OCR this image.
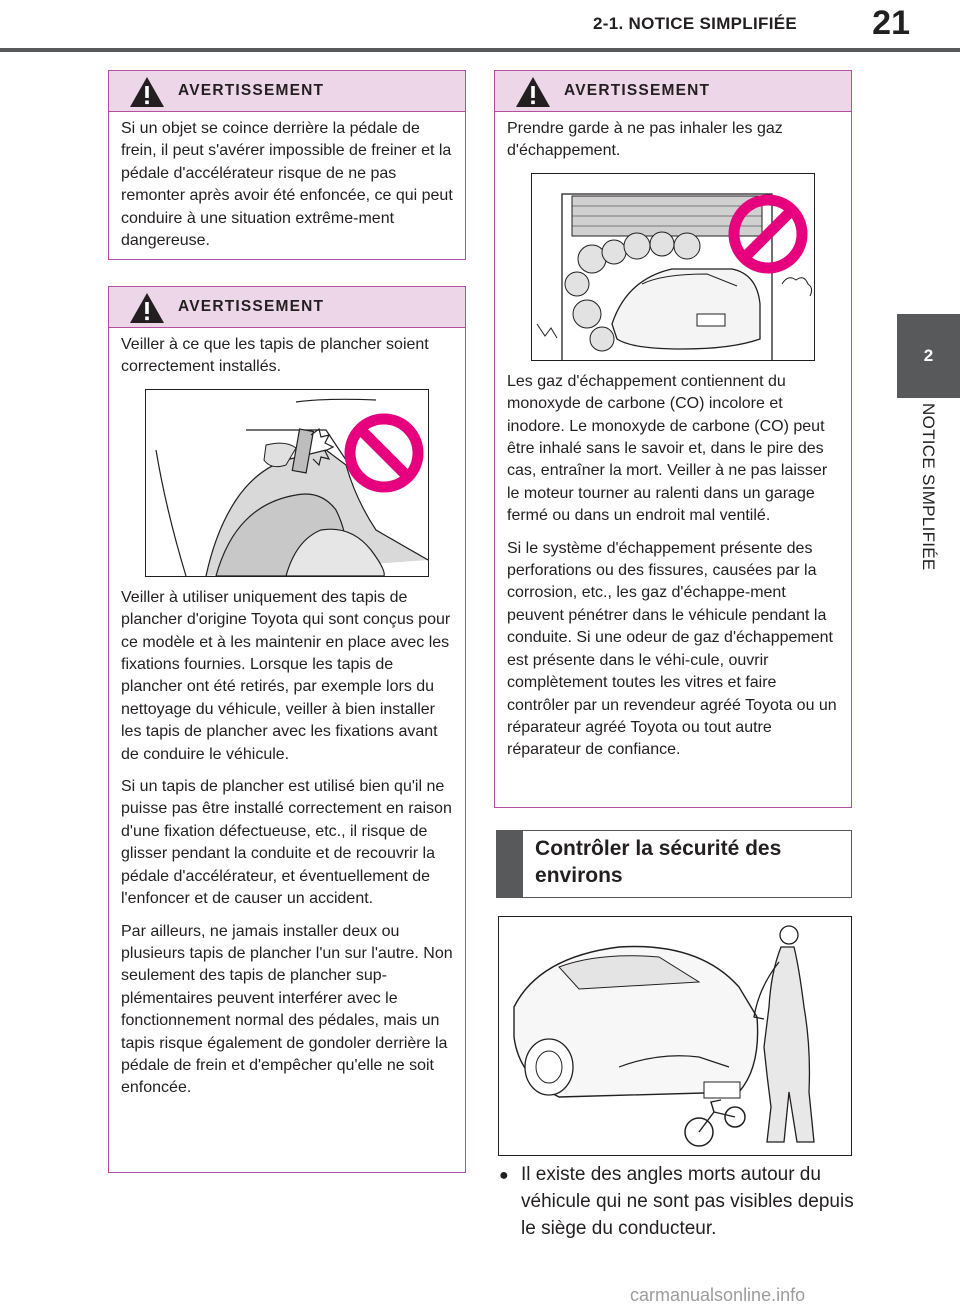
2-1. NOTICE SIMPLIFIÉE	21
2
NOTICE SIMPLIFIÉE
AVERTISSEMENT

Si un objet se coince derrière la pédale de frein, il peut s'avérer impossible de freiner et la pédale d'accélérateur risque de ne pas remonter après avoir été enfoncée, ce qui peut conduire à une situation extrême-ment dangereuse.

AVERTISSEMENT

Veiller à ce que les tapis de plancher soient correctement installés.

Veiller à utiliser uniquement des tapis de plancher d'origine Toyota qui sont conçus pour ce modèle et à les maintenir en place avec les fixations fournies. Lorsque les tapis de plancher ont été retirés, par exemple lors du nettoyage du véhicule, veiller à bien installer les tapis de plancher avec les fixations avant de conduire le véhicule.

Si un tapis de plancher est utilisé bien qu'il ne puisse pas être installé correctement en raison d'une fixation défectueuse, etc., il risque de glisser pendant la conduite et de recouvrir la pédale d'accélérateur, et éventuellement de l'enfoncer et de causer un accident.

Par ailleurs, ne jamais installer deux ou plusieurs tapis de plancher l'un sur l'autre. Non seulement des tapis de plancher sup-plémentaires peuvent interférer avec le fonctionnement normal des pédales, mais un tapis risque également de gondoler derrière la pédale de frein et d'empêcher qu'elle ne soit enfoncée.

AVERTISSEMENT

Prendre garde à ne pas inhaler les gaz d'échappement.

Les gaz d'échappement contiennent du monoxyde de carbone (CO) incolore et inodore. Le monoxyde de carbone (CO) peut être inhalé sans le savoir et, dans le pire des cas, entraîner la mort. Veiller à ne pas laisser le moteur tourner au ralenti dans un garage fermé ou dans un endroit mal ventilé.

Si le système d'échappement présente des perforations ou des fissures, causées par la corrosion, etc., les gaz d'échappe-ment peuvent pénétrer dans le véhicule pendant la conduite. Si une odeur de gaz d'échappement est présente dans le véhi-cule, ouvrir complètement toutes les vitres et faire contrôler par un revendeur agréé Toyota ou un réparateur agréé Toyota ou tout autre réparateur de confiance.

Contrôler la sécurité des environs
● Il existe des angles morts autour du véhicule qui ne sont pas visibles depuis le siège du conducteur.
carmanualsonline.info
